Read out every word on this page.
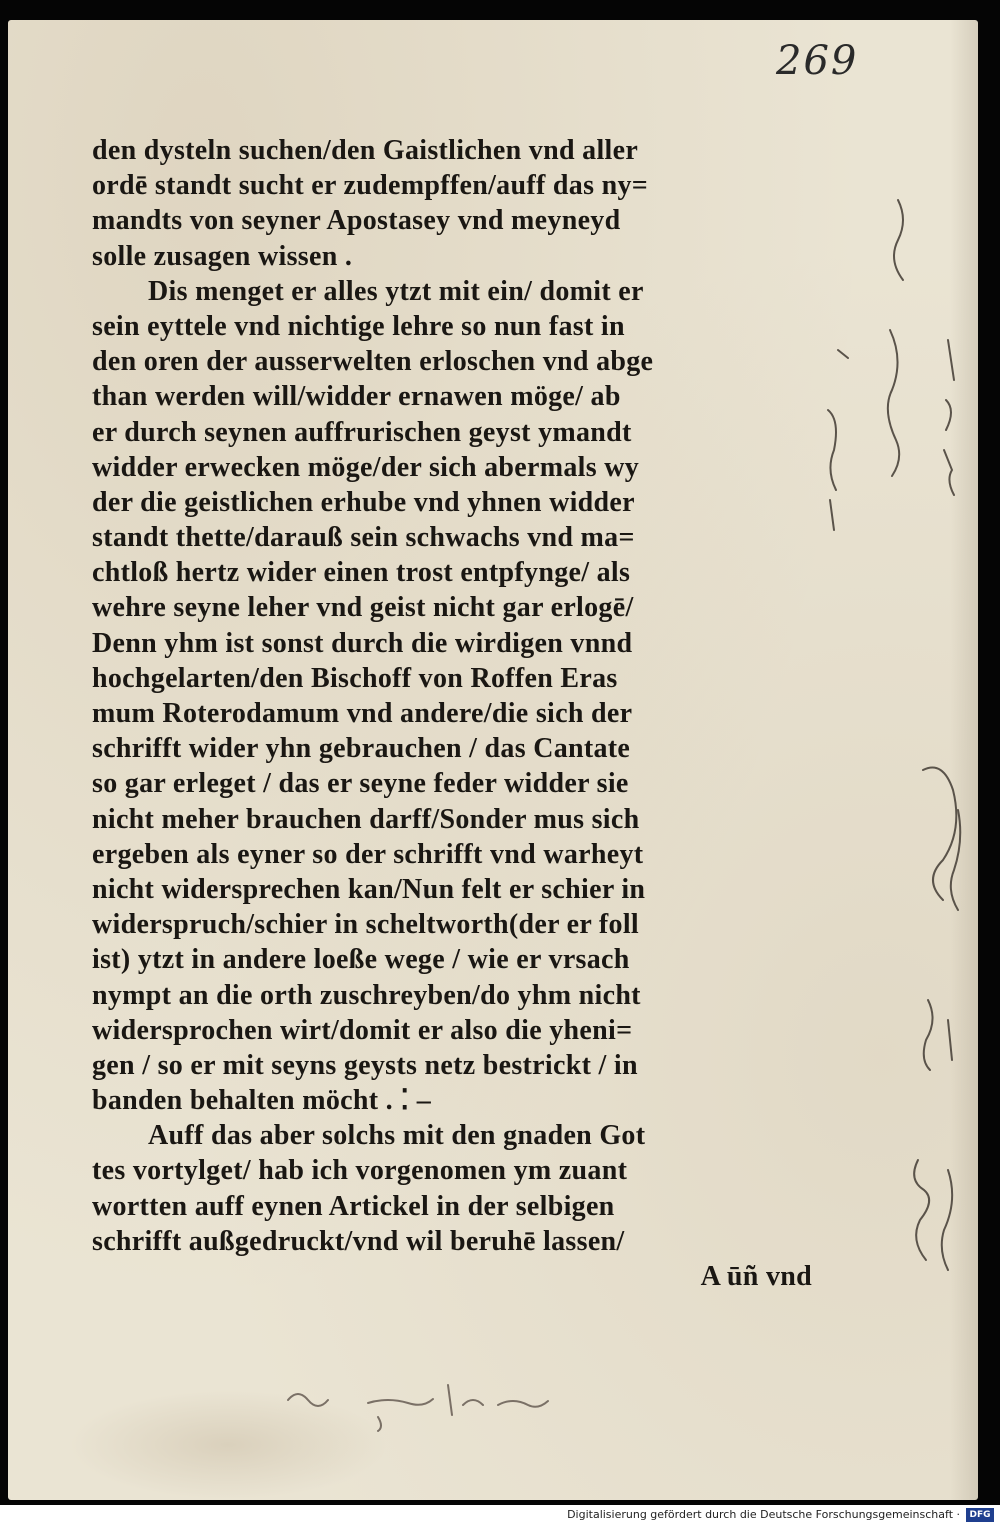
269
den dysteln suchen/den Gaistlichen vnd aller
ordē standt sucht er zudempffen/auff das ny=
mandts von seyner Apostasey vnd meyneyd
solle zusagen wissen .
Dis menget er alles ytzt mit ein/ domit er
sein eyttele vnd nichtige lehre so nun fast in
den oren der ausserwelten erloschen vnd abge
than werden will/widder ernawen möge/ ab
er durch seynen auffrurischen geyst ymandt
widder erwecken möge/der sich abermals wy
der die geistlichen erhube vnd yhnen widder
standt thette/darauß sein schwachs vnd ma=
chtloß hertz wider einen trost entpfynge/ als
wehre seyne leher vnd geist nicht gar erlogē/
Denn yhm ist sonst durch die wirdigen vnnd
hochgelarten/den Bischoff von Roffen Eras
mum Roterodamum vnd andere/die sich der
schrifft wider yhn gebrauchen / das Cantate
so gar erleget / das er seyne feder widder sie
nicht meher brauchen darff/Sonder mus sich
ergeben als eyner so der schrifft vnd warheyt
nicht widersprechen kan/Nun felt er schier in
widerspruch/schier in scheltworth(der er foll
ist) ytzt in andere loeße wege / wie er vrsach
nympt an die orth zuschreyben/do yhm nicht
widersprochen wirt/domit er also die yheni=
gen / so er mit seyns geysts netz bestrickt / in
banden behalten möcht . ⁚ ‒
Auff das aber solchs mit den gnaden Got
tes vortylget/ hab ich vorgenomen ym zuant
wortten auff eynen Artickel in der selbigen
schrifft außgedruckt/vnd wil beruhē lassen/
A ūñ vnd
Digitalisierung gefördert durch die Deutsche Forschungsgemeinschaft ·	DFG
